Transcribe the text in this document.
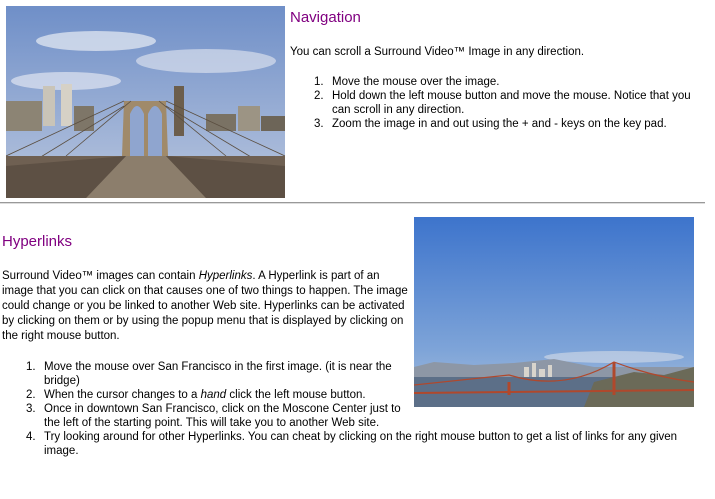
Navigation

You can scroll a Surround Video™ Image in any direction.

1. Move the mouse over the image.
2. Hold down the left mouse button and move the mouse. Notice that you can scroll in any direction.
3. Zoom the image in and out using the + and - keys on the key pad.
Hyperlinks

Surround Video™ images can contain Hyperlinks. A Hyperlink is part of an image that you can click on that causes one of two things to happen. The image could change or you be linked to another Web site. Hyperlinks can be activated by clicking on them or by using the popup menu that is displayed by clicking on the right mouse button.

1. Move the mouse over San Francisco in the first image. (it is near the bridge)
2. When the cursor changes to a hand click the left mouse button.
3. Once in downtown San Francisco, click on the Moscone Center just to the left of the starting point. This will take you to another Web site.
4. Try looking around for other Hyperlinks. You can cheat by clicking on the right mouse button to get a list of links for any given image.
